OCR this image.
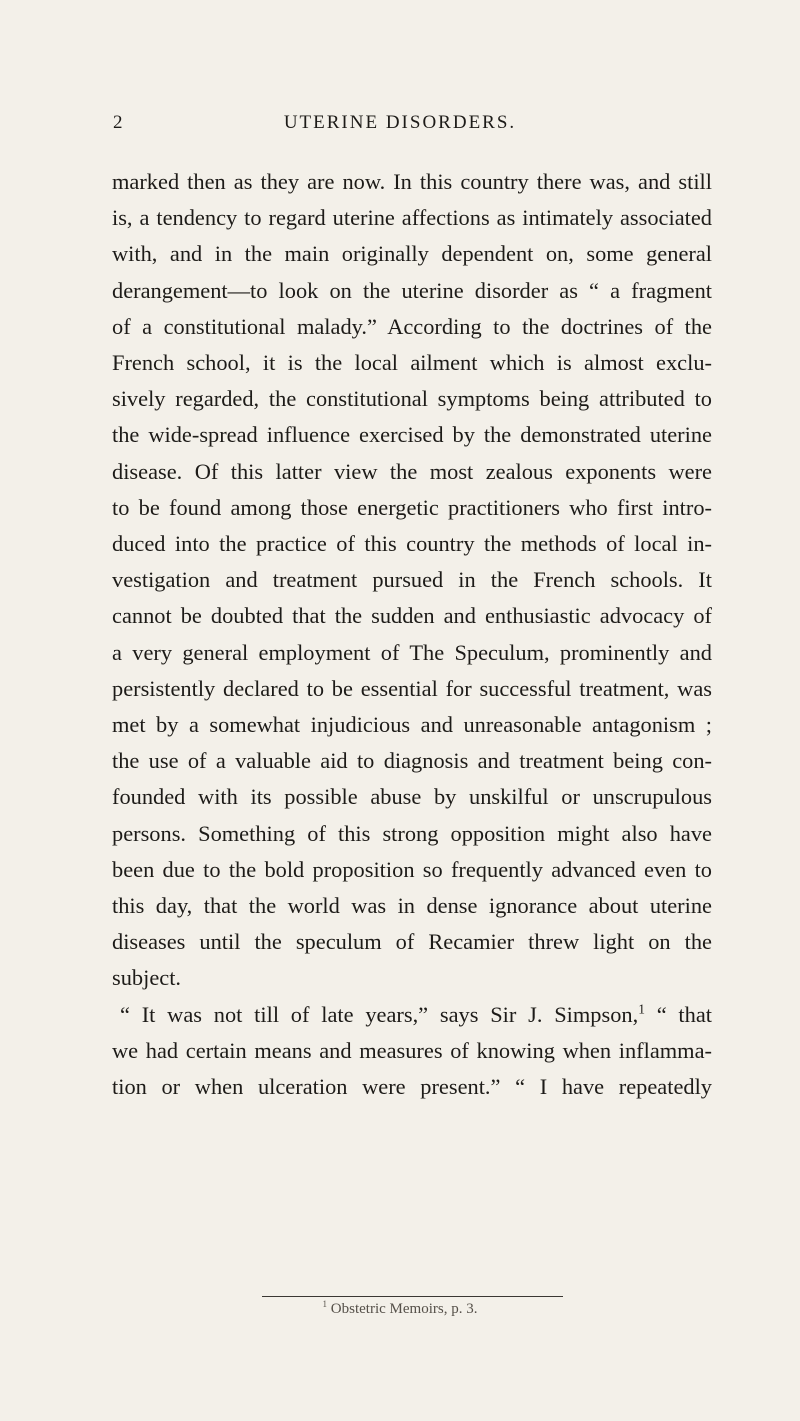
2	UTERINE DISORDERS.
marked then as they are now. In this country there was, and still
is, a tendency to regard uterine affections as intimately associated
with, and in the main originally dependent on, some general
derangement—to look on the uterine disorder as “ a fragment
of a constitutional malady.” According to the doctrines of the
French school, it is the local ailment which is almost exclu-
sively regarded, the constitutional symptoms being attributed to
the wide-spread influence exercised by the demonstrated uterine
disease. Of this latter view the most zealous exponents were
to be found among those energetic practitioners who first intro-
duced into the practice of this country the methods of local in-
vestigation and treatment pursued in the French schools. It
cannot be doubted that the sudden and enthusiastic advocacy of
a very general employment of The Speculum, prominently and
persistently declared to be essential for successful treatment, was
met by a somewhat injudicious and unreasonable antagonism ;
the use of a valuable aid to diagnosis and treatment being con-
founded with its possible abuse by unskilful or unscrupulous
persons. Something of this strong opposition might also have
been due to the bold proposition so frequently advanced even to
this day, that the world was in dense ignorance about uterine
diseases until the speculum of Recamier threw light on the
subject.
“ It was not till of late years,” says Sir J. Simpson,$^1$ “ that
we had certain means and measures of knowing when inflamma-
tion or when ulceration were present.” “ I have repeatedly
$^1$ Obstetric Memoirs, p. 3.
